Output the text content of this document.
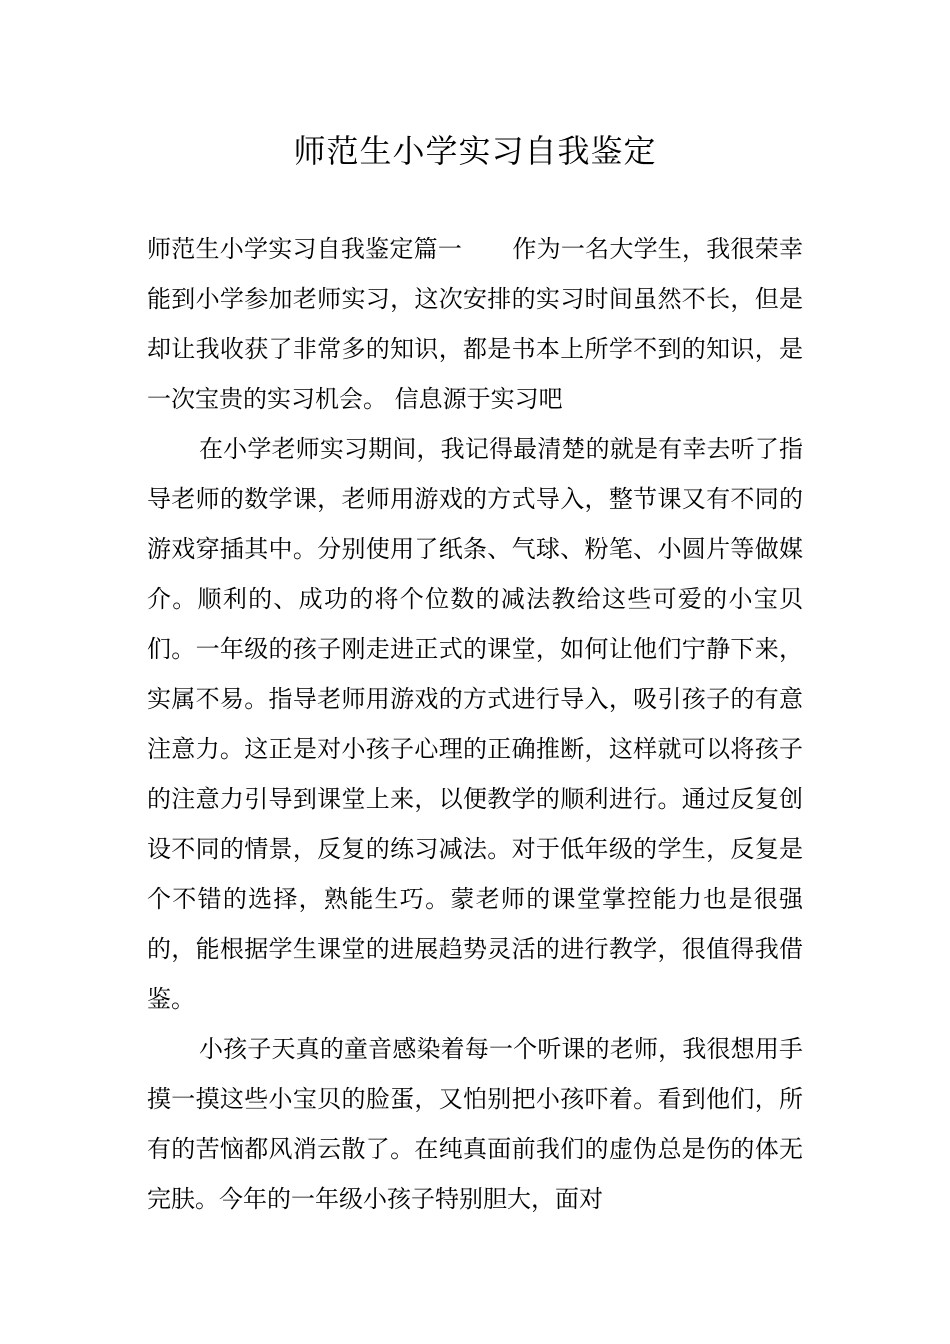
师范生小学实习自我鉴定

师范生小学实习自我鉴定篇一 作为一名大学生，我很荣幸能到小学参加老师实习，这次安排的实习时间虽然不长，但是却让我收获了非常多的知识，都是书本上所学不到的知识，是一次宝贵的实习机会。 信息源于实习吧

在小学老师实习期间，我记得最清楚的就是有幸去听了指导老师的数学课，老师用游戏的方式导入，整节课又有不同的游戏穿插其中。分别使用了纸条、气球、粉笔、小圆片等做媒介。顺利的、成功的将个位数的减法教给这些可爱的小宝贝们。一年级的孩子刚走进正式的课堂，如何让他们宁静下来，实属不易。指导老师用游戏的方式进行导入，吸引孩子的有意注意力。这正是对小孩子心理的正确推断，这样就可以将孩子的注意力引导到课堂上来，以便教学的顺利进行。通过反复创设不同的情景，反复的练习减法。对于低年级的学生，反复是个不错的选择，熟能生巧。蒙老师的课堂掌控能力也是很强的，能根据学生课堂的进展趋势灵活的进行教学，很值得我借鉴。

小孩子天真的童音感染着每一个听课的老师，我很想用手摸一摸这些小宝贝的脸蛋，又怕别把小孩吓着。看到他们，所有的苦恼都风消云散了。在纯真面前我们的虚伪总是伤的体无完肤。今年的一年级小孩子特别胆大，面对
